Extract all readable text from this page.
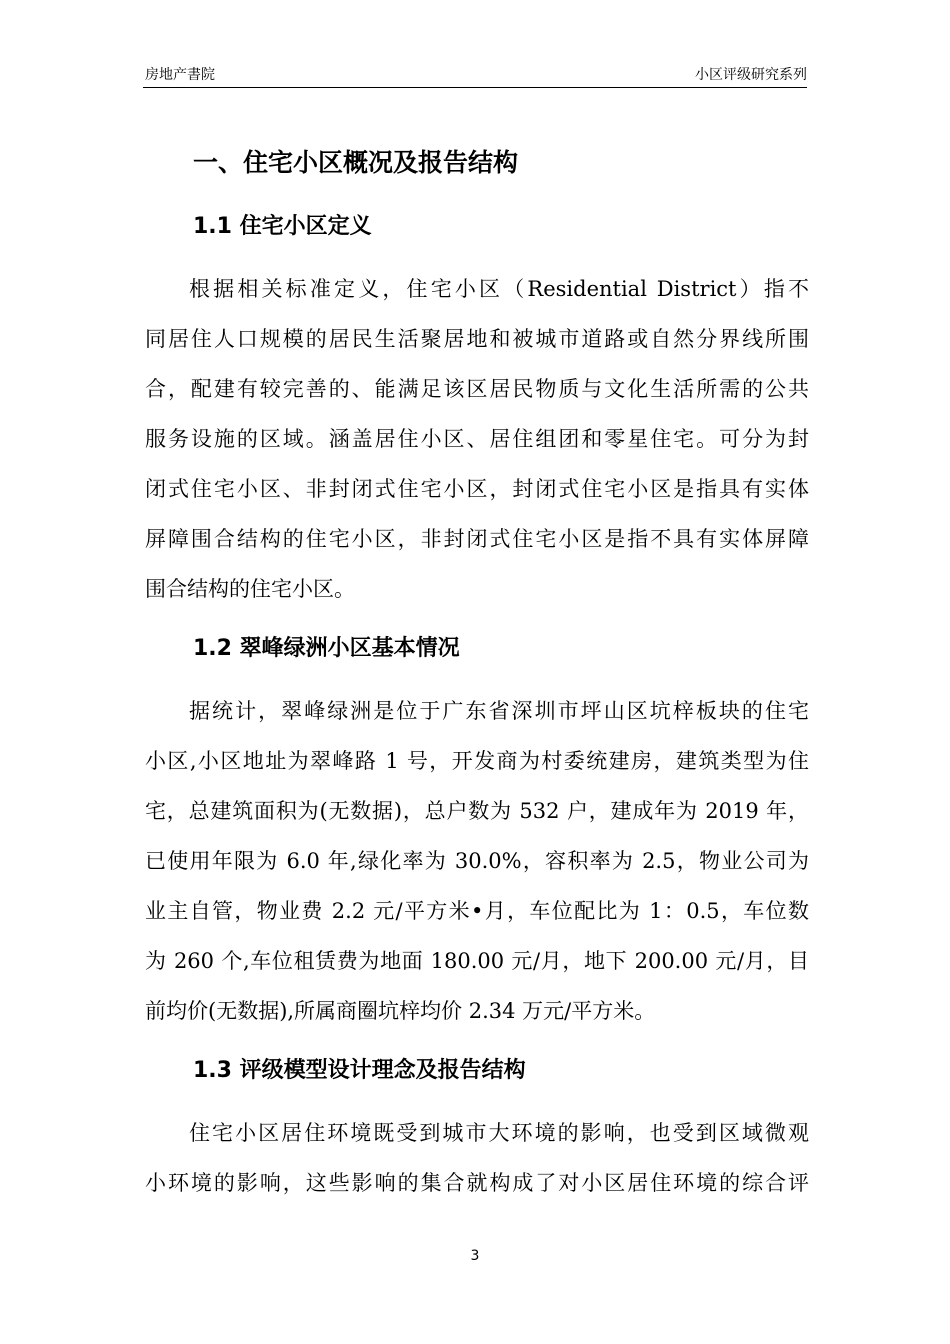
房地产書院	小区评级研究系列
一、住宅小区概况及报告结构
1.1 住宅小区定义
根据相关标准定义，住宅小区（Residential District）指不
同居住人口规模的居民生活聚居地和被城市道路或自然分界线所围
合，配建有较完善的、能满足该区居民物质与文化生活所需的公共
服务设施的区域。涵盖居住小区、居住组团和零星住宅。可分为封
闭式住宅小区、非封闭式住宅小区，封闭式住宅小区是指具有实体
屏障围合结构的住宅小区，非封闭式住宅小区是指不具有实体屏障
围合结构的住宅小区。
1.2 翠峰绿洲小区基本情况
据统计，翠峰绿洲是位于广东省深圳市坪山区坑梓板块的住宅
小区,小区地址为翠峰路 1 号，开发商为村委统建房，建筑类型为住
宅，总建筑面积为(无数据)，总户数为 532 户，建成年为 2019 年，
已使用年限为 6.0 年,绿化率为 30.0%，容积率为 2.5，物业公司为
业主自管，物业费 2.2 元/平方米•月，车位配比为 1：0.5，车位数
为 260 个,车位租赁费为地面 180.00 元/月，地下 200.00 元/月，目
前均价(无数据),所属商圈坑梓均价 2.34 万元/平方米。
1.3 评级模型设计理念及报告结构
住宅小区居住环境既受到城市大环境的影响，也受到区域微观
小环境的影响，这些影响的集合就构成了对小区居住环境的综合评
3
